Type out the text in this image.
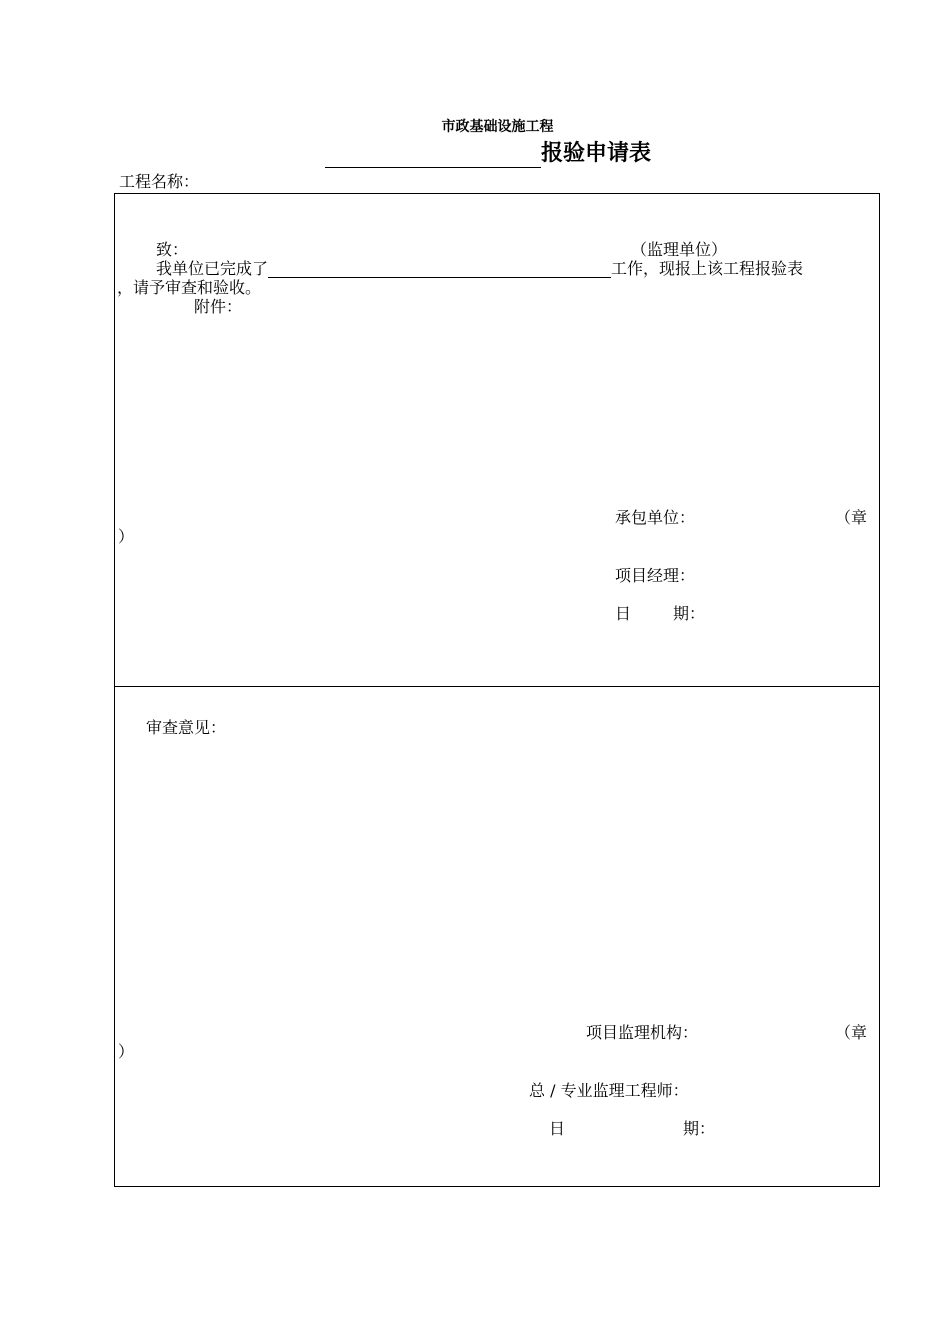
市政基础设施工程
报验申请表
工程名称：
致：	（监理单位）
我单位已完成了	工作，现报上该工程报验表
，请予审查和验收。
附件：
承包单位：	（章
）
项目经理：
日	期：
审查意见：
项目监理机构：	（章
）
总 / 专业监理工程师：
日	期：
